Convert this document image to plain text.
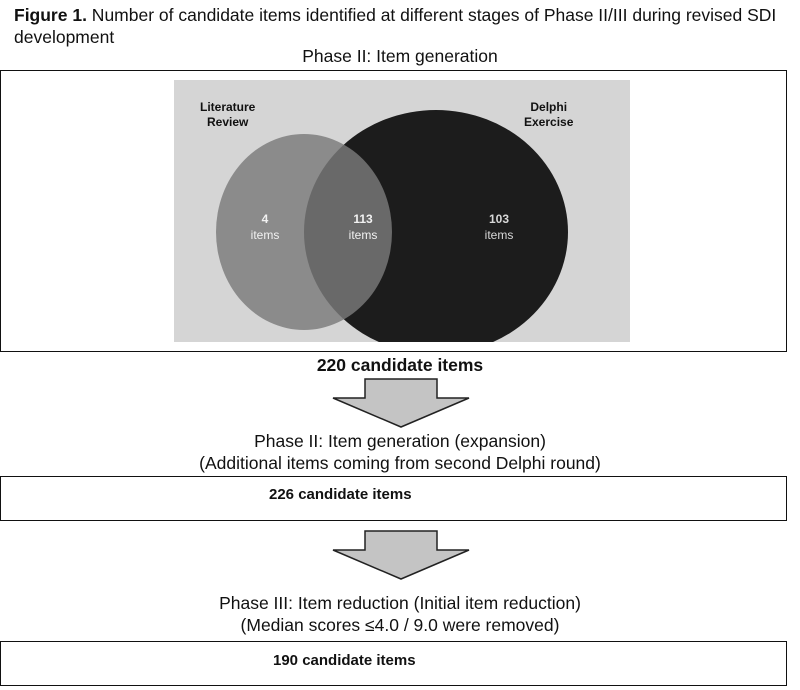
Figure 1. Number of candidate items identified at different stages of Phase II/III during revised SDI development
Phase II: Item generation
Literature
Review
Delphi
Exercise
4
items
113
items
103
items
220 candidate items
Phase II: Item generation (expansion)
(Additional items coming from second Delphi round)
226 candidate items
Phase III: Item reduction (Initial item reduction)
(Median scores ≤4.0 / 9.0 were removed)
190 candidate items
